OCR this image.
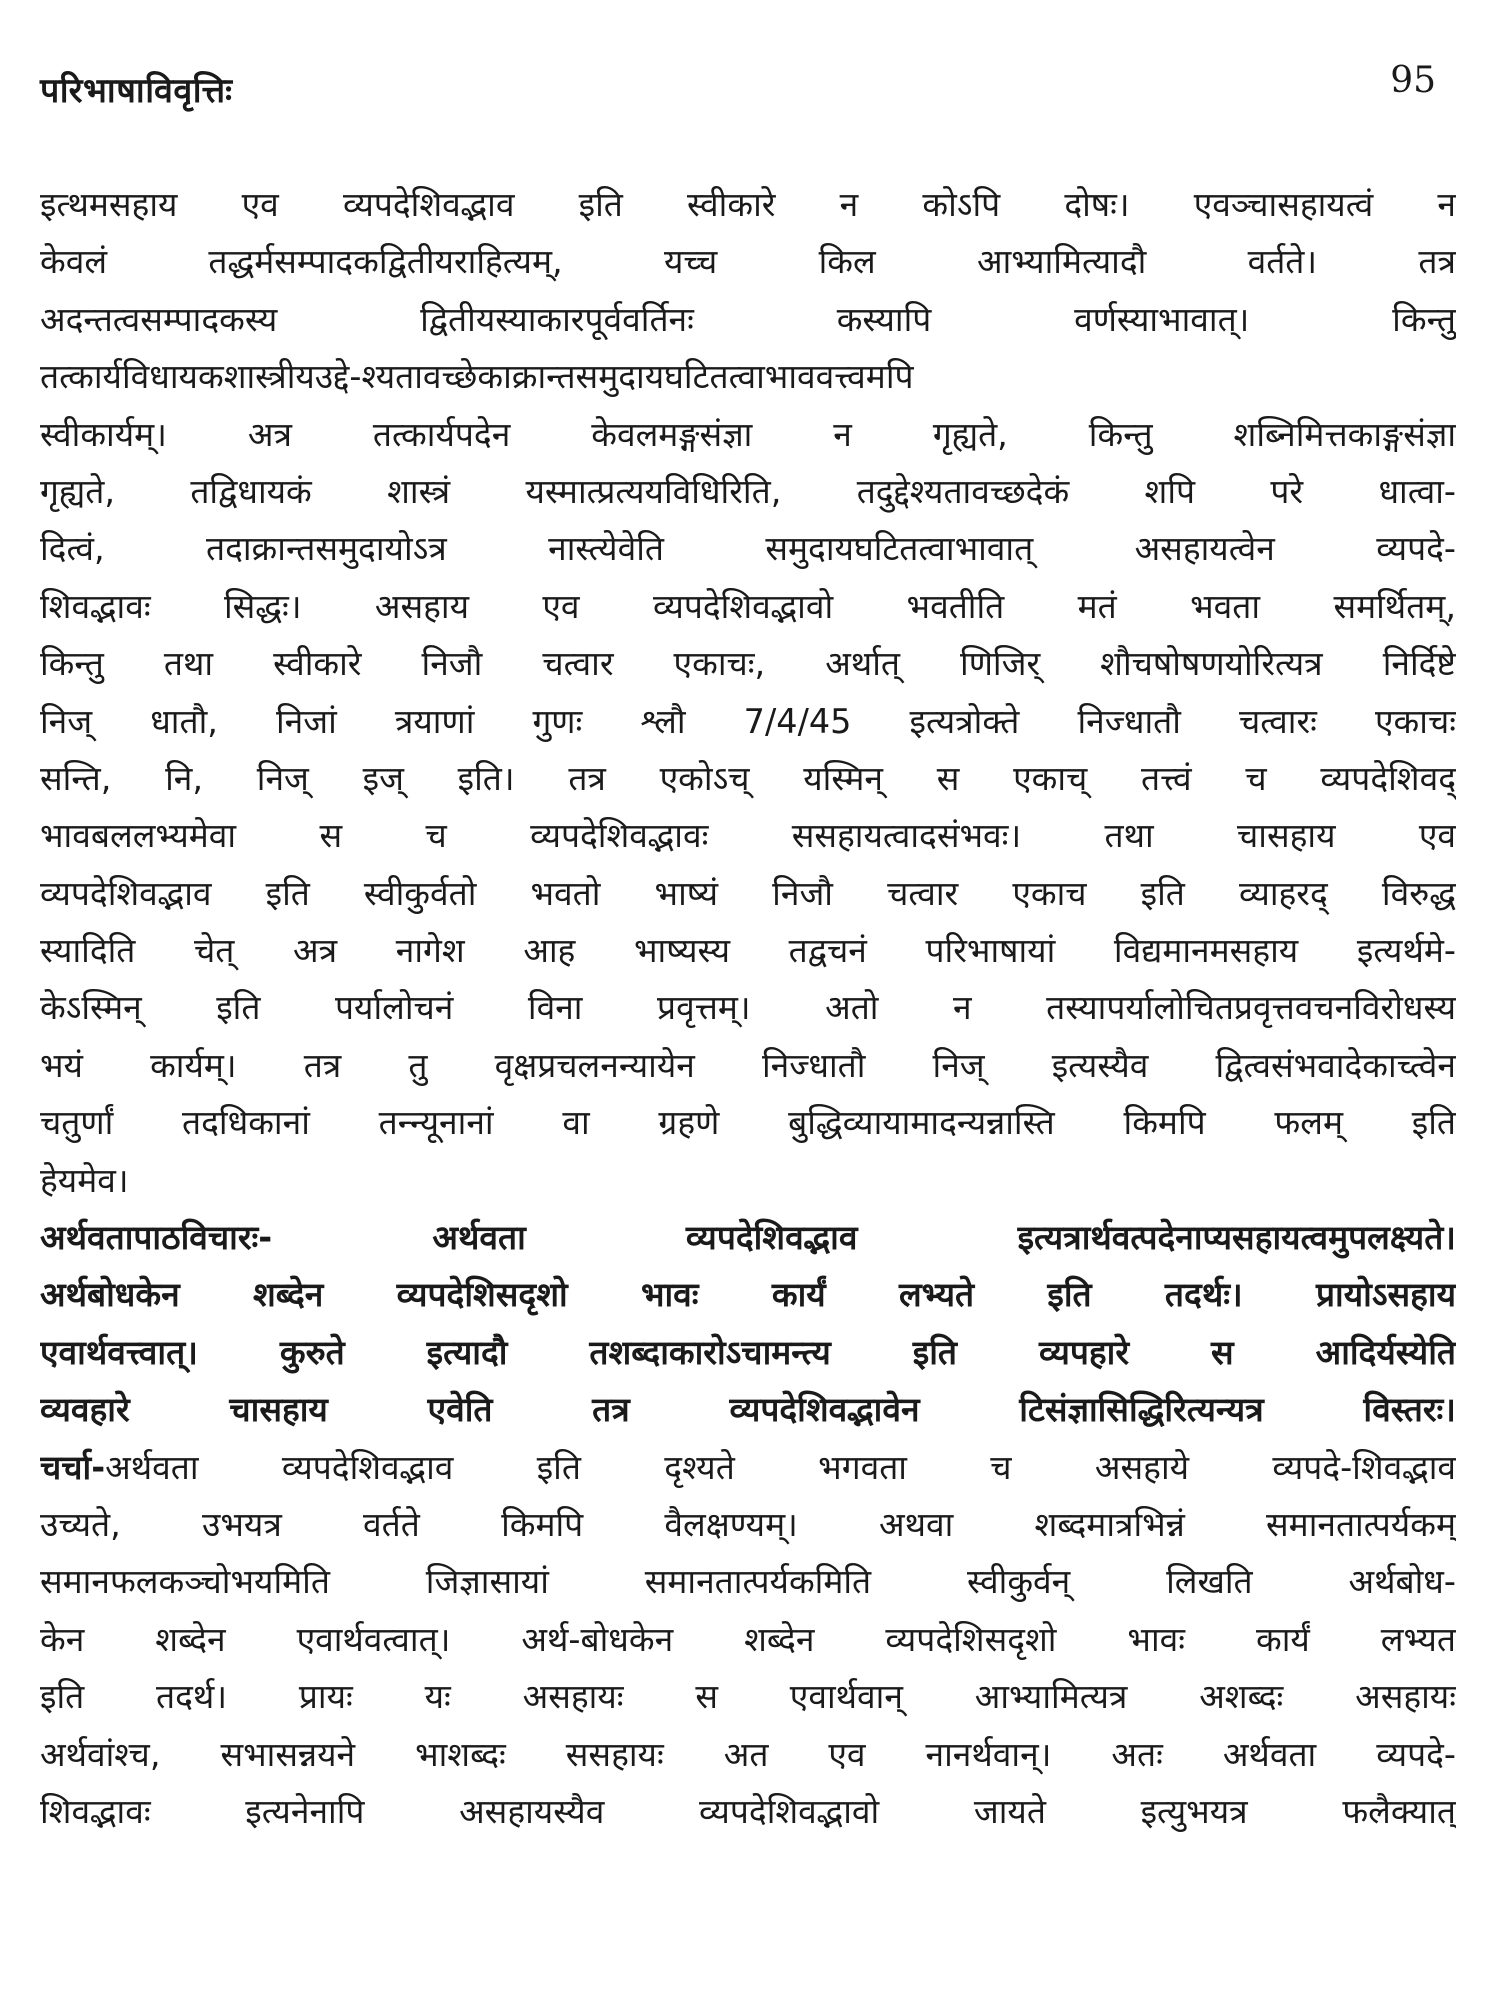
परिभाषाविवृत्तिः	95
इत्थमसहाय एव व्यपदेशिवद्भाव इति स्वीकारे न कोऽपि दोषः। एवञ्चासहायत्वं न
केवलं तद्धर्मसम्पादकद्वितीयराहित्यम्, यच्च किल आभ्यामित्यादौ वर्तते। तत्र
अदन्तत्वसम्पादकस्य द्वितीयस्याकारपूर्ववर्तिनः कस्यापि वर्णस्याभावात्। किन्तु
तत्कार्यविधायकशास्त्रीयउद्दे-श्यतावच्छेकाक्रान्तसमुदायघटितत्वाभाववत्त्वमपि
स्वीकार्यम्। अत्र तत्कार्यपदेन केवलमङ्गसंज्ञा न गृह्यते, किन्तु शब्निमित्तकाङ्गसंज्ञा
गृह्यते, तद्विधायकं शास्त्रं यस्मात्प्रत्ययविधिरिति, तदुद्देश्यतावच्छदेकं शपि परे धात्वा-
दित्वं, तदाक्रान्तसमुदायोऽत्र नास्त्येवेति समुदायघटितत्वाभावात् असहायत्वेन व्यपदे-
शिवद्भावः सिद्धः। असहाय एव व्यपदेशिवद्भावो भवतीति मतं भवता समर्थितम्,
किन्तु तथा स्वीकारे निजौ चत्वार एकाचः, अर्थात् णिजिर् शौचषोषणयोरित्यत्र निर्दिष्टे
निज् धातौ, निजां त्रयाणां गुणः श्लौ 7/4/45 इत्यत्रोक्ते निज्धातौ चत्वारः एकाचः
सन्ति, नि, निज् इज् इति। तत्र एकोऽच् यस्मिन् स एकाच् तत्त्वं च व्यपदेशिवद्
भावबललभ्यमेवा स च व्यपदेशिवद्भावः ससहायत्वादसंभवः। तथा चासहाय एव
व्यपदेशिवद्भाव इति स्वीकुर्वतो भवतो भाष्यं निजौ चत्वार एकाच इति व्याहरद् विरुद्ध
स्यादिति चेत् अत्र नागेश आह भाष्यस्य तद्वचनं परिभाषायां विद्यमानमसहाय इत्यर्थमे-
केऽस्मिन् इति पर्यालोचनं विना प्रवृत्तम्। अतो न तस्यापर्यालोचितप्रवृत्तवचनविरोधस्य
भयं कार्यम्। तत्र तु वृक्षप्रचलनन्यायेन निज्धातौ निज् इत्यस्यैव द्वित्वसंभवादेकाच्त्वेन
चतुर्णां तदधिकानां तन्न्यूनानां वा ग्रहणे बुद्धिव्यायामादन्यन्नास्ति किमपि फलम् इति
हेयमेव।
अर्थवतापाठविचारः- अर्थवता व्यपदेशिवद्भाव इत्यत्रार्थवत्पदेनाप्यसहायत्वमुपलक्ष्यते।
अर्थबोधकेन शब्देन व्यपदेशिसदृशो भावः कार्यं लभ्यते इति तदर्थः। प्रायोऽसहाय
एवार्थवत्त्वात्। कुरुते इत्यादौ तशब्दाकारोऽचामन्त्य इति व्यपहारे स आदिर्यस्येति
व्यवहारे चासहाय एवेति तत्र व्यपदेशिवद्भावेन टिसंज्ञासिद्धिरित्यन्यत्र विस्तरः।
चर्चा-अर्थवता व्यपदेशिवद्भाव इति दृश्यते भगवता च असहाये व्यपदे-शिवद्भाव
उच्यते, उभयत्र वर्तते किमपि वैलक्षण्यम्। अथवा शब्दमात्रभिन्नं समानतात्पर्यकम्
समानफलकञ्चोभयमिति जिज्ञासायां समानतात्पर्यकमिति स्वीकुर्वन् लिखति अर्थबोध-
केन शब्देन एवार्थवत्वात्। अर्थ-बोधकेन शब्देन व्यपदेशिसदृशो भावः कार्यं लभ्यत
इति तदर्थ। प्रायः यः असहायः स एवार्थवान् आभ्यामित्यत्र अशब्दः असहायः
अर्थवांश्च, सभासन्नयने भाशब्दः ससहायः अत एव नानर्थवान्। अतः अर्थवता व्यपदे-
शिवद्भावः इत्यनेनापि असहायस्यैव व्यपदेशिवद्भावो जायते इत्युभयत्र फलैक्यात्
